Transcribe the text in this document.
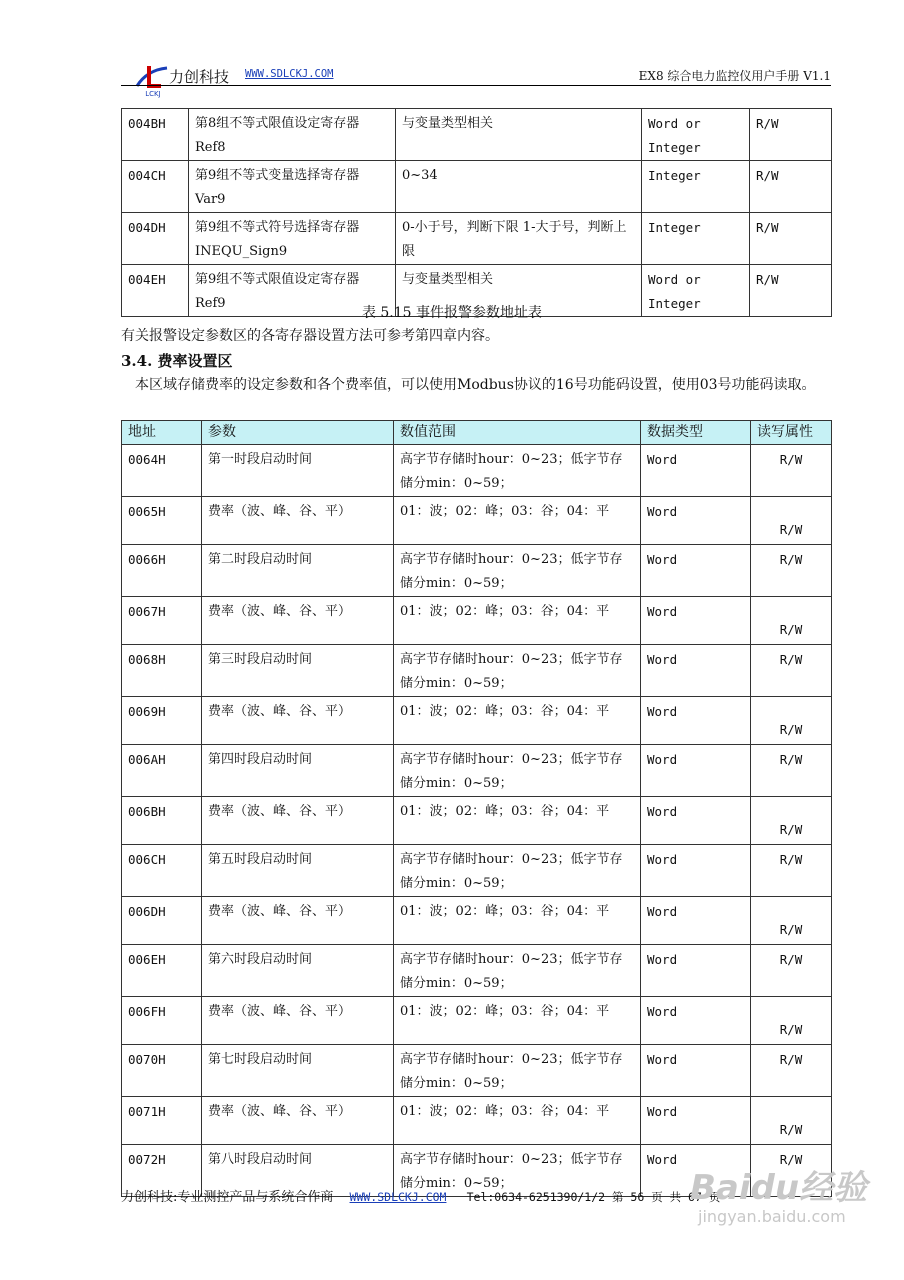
LCKJ
力创科技 WWW.SDLCKJ.COM	EX8 综合电力监控仪用户手册 V1.1
004BH	第8组不等式限值设定寄存器Ref8	与变量类型相关	Word or Integer	R/W
004CH	第9组不等式变量选择寄存器Var9	0~34	Integer	R/W
004DH	第9组不等式符号选择寄存器INEQU_Sign9	0-小于号，判断下限 1-大于号，判断上限	Integer	R/W
004EH	第9组不等式限值设定寄存器Ref9	与变量类型相关	Word or Integer	R/W
表 5.15 事件报警参数地址表
有关报警设定参数区的各寄存器设置方法可参考第四章内容。
3.4. 费率设置区
本区域存储费率的设定参数和各个费率值，可以使用Modbus协议的16号功能码设置，使用03号功能码读取。
地址	参数	数值范围	数据类型	读写属性
0064H	第一时段启动时间	高字节存储时hour：0~23；低字节存储分min：0~59；	Word	R/W
0065H	费率（波、峰、谷、平）	01：波；02：峰；03：谷；04：平	Word	R/W
0066H	第二时段启动时间	高字节存储时hour：0~23；低字节存储分min：0~59；	Word	R/W
0067H	费率（波、峰、谷、平）	01：波；02：峰；03：谷；04：平	Word	R/W
0068H	第三时段启动时间	高字节存储时hour：0~23；低字节存储分min：0~59；	Word	R/W
0069H	费率（波、峰、谷、平）	01：波；02：峰；03：谷；04：平	Word	R/W
006AH	第四时段启动时间	高字节存储时hour：0~23；低字节存储分min：0~59；	Word	R/W
006BH	费率（波、峰、谷、平）	01：波；02：峰；03：谷；04：平	Word	R/W
006CH	第五时段启动时间	高字节存储时hour：0~23；低字节存储分min：0~59；	Word	R/W
006DH	费率（波、峰、谷、平）	01：波；02：峰；03：谷；04：平	Word	R/W
006EH	第六时段启动时间	高字节存储时hour：0~23；低字节存储分min：0~59；	Word	R/W
006FH	费率（波、峰、谷、平）	01：波；02：峰；03：谷；04：平	Word	R/W
0070H	第七时段启动时间	高字节存储时hour：0~23；低字节存储分min：0~59；	Word	R/W
0071H	费率（波、峰、谷、平）	01：波；02：峰；03：谷；04：平	Word	R/W
0072H	第八时段启动时间	高字节存储时hour：0~23；低字节存储分min：0~59；	Word	R/W
力创科技:专业测控产品与系统合作商 WWW.SDLCKJ.COM Tel:0634-6251390/1/2 第 56 页 共 67 页
Baidu经验
jingyan.baidu.com
